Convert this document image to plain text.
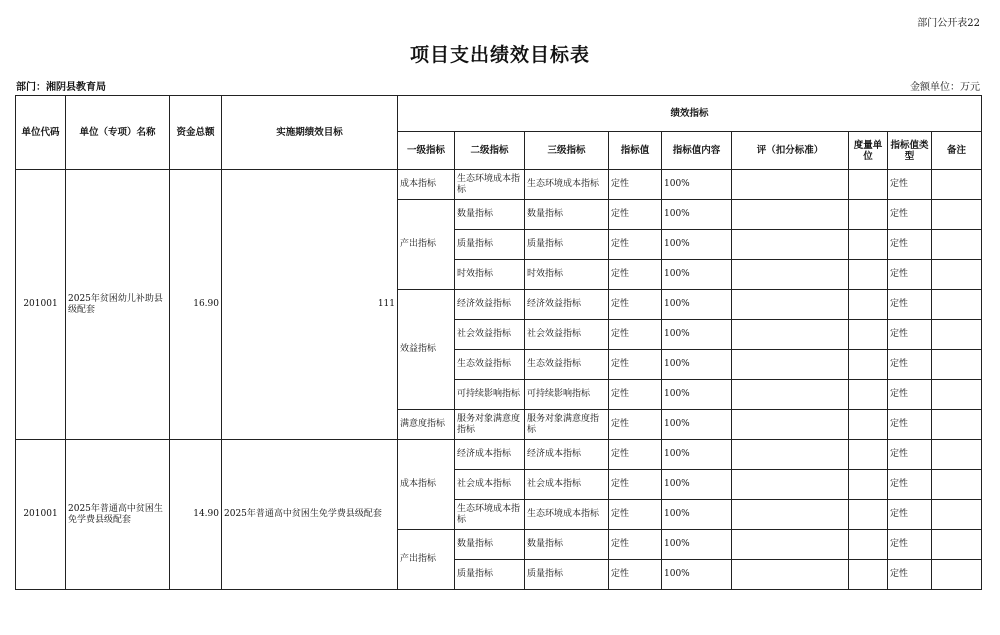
部门公开表22
项目支出绩效目标表
部门：湘阴县教育局	金额单位：万元
单位代码	单位（专项）名称	资金总额	实施期绩效目标	绩效指标								
				一级指标	二级指标	三级指标	指标值	指标值内容	评（扣分标准）	度量单位	指标值类型	备注
201001	2025年贫困幼儿补助县级配套	16.90	111	成本指标	生态环境成本指标	生态环境成本指标	定性	100%			定性	
				产出指标	数量指标	数量指标	定性	100%			定性	
					质量指标	质量指标	定性	100%			定性	
					时效指标	时效指标	定性	100%			定性	
				效益指标	经济效益指标	经济效益指标	定性	100%			定性	
					社会效益指标	社会效益指标	定性	100%			定性	
					生态效益指标	生态效益指标	定性	100%			定性	
					可持续影响指标	可持续影响指标	定性	100%			定性	
				满意度指标	服务对象满意度指标	服务对象满意度指标	定性	100%			定性	
201001	2025年普通高中贫困生免学费县级配套	14.90	2025年普通高中贫困生免学费县级配套	成本指标	经济成本指标	经济成本指标	定性	100%			定性	
					社会成本指标	社会成本指标	定性	100%			定性	
					生态环境成本指标	生态环境成本指标	定性	100%			定性	
				产出指标	数量指标	数量指标	定性	100%			定性	
					质量指标	质量指标	定性	100%			定性	
